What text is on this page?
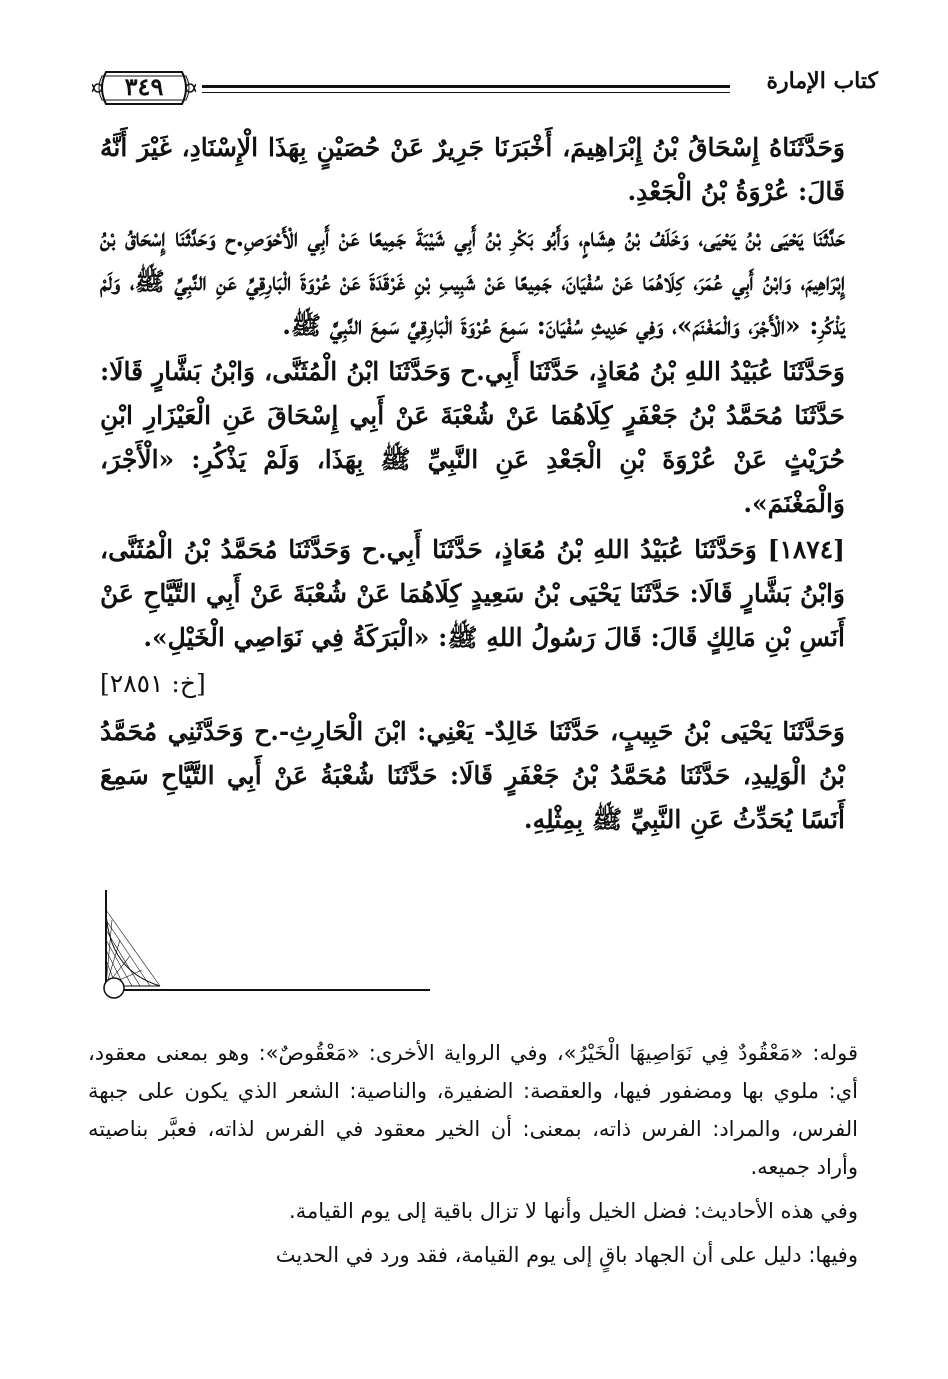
كتاب الإمارة
٣٤٩

وَحَدَّثَنَاهُ إِسْحَاقُ بْنُ إِبْرَاهِيمَ، أَخْبَرَنَا جَرِيرٌ عَنْ حُصَيْنٍ بِهَذَا الْإِسْنَادِ، غَيْرَ أَنَّهُ قَالَ: عُرْوَةُ بْنُ الْجَعْدِ.

حَدَّثَنَا يَحْيَى بْنُ يَحْيَى، وَخَلَفُ بْنُ هِشَامٍ، وَأَبُو بَكْرِ بْنُ أَبِي شَيْبَةَ جَمِيعًا عَنْ أَبِي الْأَحْوَصِ.ح وَحَدَّثَنَا إِسْحَاقُ بْنُ إِبْرَاهِيمَ، وَابْنُ أَبِي عُمَرَ، كِلَاهُمَا عَنْ سُفْيَانَ، جَمِيعًا عَنْ شَبِيبِ بْنِ غَرْقَدَةَ عَنْ عُرْوَةَ الْبَارِقِيِّ عَنِ النَّبِيِّ ﷺ، وَلَمْ يَذْكُرِ: «الْأَجْرَ، وَالْمَغْنَمَ»، وَفِي حَدِيثِ سُفْيَانَ: سَمِعَ عُرْوَةَ الْبَارِقِيَّ سَمِعَ النَّبِيَّ ﷺ.

وَحَدَّثَنَا عُبَيْدُ اللهِ بْنُ مُعَاذٍ، حَدَّثَنَا أَبِي.ح وَحَدَّثَنَا ابْنُ الْمُثَنَّى، وَابْنُ بَشَّارٍ قَالَا: حَدَّثَنَا مُحَمَّدُ بْنُ جَعْفَرٍ كِلَاهُمَا عَنْ شُعْبَةَ عَنْ أَبِي إِسْحَاقَ عَنِ الْعَيْزَارِ ابْنِ حُرَيْثٍ عَنْ عُرْوَةَ بْنِ الْجَعْدِ عَنِ النَّبِيِّ ﷺ بِهَذَا، وَلَمْ يَذْكُرِ: «الْأَجْرَ، وَالْمَغْنَمَ».

[١٨٧٤] وَحَدَّثَنَا عُبَيْدُ اللهِ بْنُ مُعَاذٍ، حَدَّثَنَا أَبِي.ح وَحَدَّثَنَا مُحَمَّدُ بْنُ الْمُثَنَّى، وَابْنُ بَشَّارٍ قَالَا: حَدَّثَنَا يَحْيَى بْنُ سَعِيدٍ كِلَاهُمَا عَنْ شُعْبَةَ عَنْ أَبِي التَّيَّاحِ عَنْ أَنَسِ بْنِ مَالِكٍ قَالَ: قَالَ رَسُولُ اللهِ ﷺ: «الْبَرَكَةُ فِي نَوَاصِي الْخَيْلِ».

[خ: ٢٨٥١]

وَحَدَّثَنَا يَحْيَى بْنُ حَبِيبٍ، حَدَّثَنَا خَالِدٌ- يَعْنِي: ابْنَ الْحَارِثِ-.ح وَحَدَّثَنِي مُحَمَّدُ بْنُ الْوَلِيدِ، حَدَّثَنَا مُحَمَّدُ بْنُ جَعْفَرٍ قَالَا: حَدَّثَنَا شُعْبَةُ عَنْ أَبِي التَّيَّاحِ سَمِعَ أَنَسًا يُحَدِّثُ عَنِ النَّبِيِّ ﷺ بِمِثْلِهِ.

قوله: «مَعْقُودٌ فِي نَوَاصِيهَا الْخَيْرُ»، وفي الرواية الأخرى: «مَعْقُوصٌ»: وهو بمعنى معقود، أي: ملوي بها ومضفور فيها، والعقصة: الضفيرة، والناصية: الشعر الذي يكون على جبهة الفرس، والمراد: الفرس ذاته، بمعنى: أن الخير معقود في الفرس لذاته، فعبَّر بناصيته وأراد جميعه.

وفي هذه الأحاديث: فضل الخيل وأنها لا تزال باقية إلى يوم القيامة.

وفيها: دليل على أن الجهاد باقٍ إلى يوم القيامة، فقد ورد في الحديث
